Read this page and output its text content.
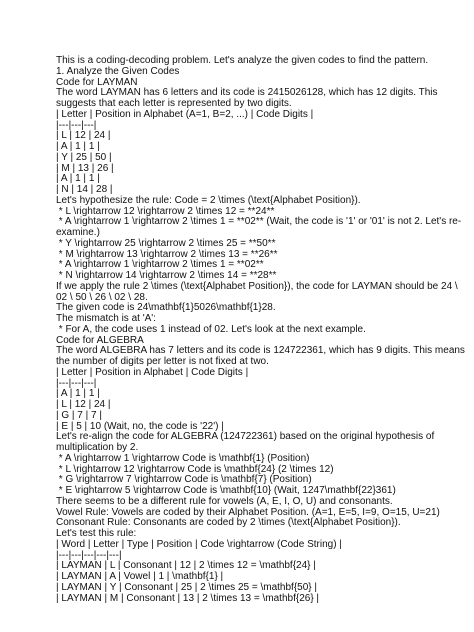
This is a coding-decoding problem. Let's analyze the given codes to find the pattern.

1. Analyze the Given Codes

Code for LAYMAN

The word LAYMAN has 6 letters and its code is 2415026128, which has 12 digits. This suggests that each letter is represented by two digits.

| Letter | Position in Alphabet (A=1, B=2, ...) | Code Digits |

|---|---|---|

| L | 12 | 24 |

| A | 1 | 1 |

| Y | 25 | 50 |

| M | 13 | 26 |

| A | 1 | 1 |

| N | 14 | 28 |

Let's hypothesize the rule: Code = 2 \times (\text{Alphabet Position}).

* L \rightarrow 12 \rightarrow 2 \times 12 = **24**

* A \rightarrow 1 \rightarrow 2 \times 1 = **02** (Wait, the code is '1' or '01' is not 2. Let's re-examine.)

* Y \rightarrow 25 \rightarrow 2 \times 25 = **50**

* M \rightarrow 13 \rightarrow 2 \times 13 = **26**

* A \rightarrow 1 \rightarrow 2 \times 1 = **02**

* N \rightarrow 14 \rightarrow 2 \times 14 = **28**

If we apply the rule 2 \times (\text{Alphabet Position}), the code for LAYMAN should be 24 \ 02 \ 50 \ 26 \ 02 \ 28.

The given code is 24\mathbf{1}5026\mathbf{1}28.

The mismatch is at 'A':

* For A, the code uses 1 instead of 02. Let's look at the next example.

Code for ALGEBRA

The word ALGEBRA has 7 letters and its code is 124722361, which has 9 digits. This means the number of digits per letter is not fixed at two.

| Letter | Position in Alphabet | Code Digits |

|---|---|---|

| A | 1 | 1 |

| L | 12 | 24 |

| G | 7 | 7 |

| E | 5 | 10 (Wait, no, the code is '22') |

Let's re-align the code for ALGEBRA (124722361) based on the original hypothesis of multiplication by 2.

* A \rightarrow 1 \rightarrow Code is \mathbf{1} (Position)

* L \rightarrow 12 \rightarrow Code is \mathbf{24} (2 \times 12)

* G \rightarrow 7 \rightarrow Code is \mathbf{7} (Position)

* E \rightarrow 5 \rightarrow Code is \mathbf{10} (Wait, 1247\mathbf{22}361)

There seems to be a different rule for vowels (A, E, I, O, U) and consonants.

Vowel Rule: Vowels are coded by their Alphabet Position. (A=1, E=5, I=9, O=15, U=21)

Consonant Rule: Consonants are coded by 2 \times (\text{Alphabet Position}).

Let's test this rule:

| Word | Letter | Type | Position | Code \rightarrow (Code String) |

|---|---|---|---|---|

| LAYMAN | L | Consonant | 12 | 2 \times 12 = \mathbf{24} |

| LAYMAN | A | Vowel | 1 | \mathbf{1} |

| LAYMAN | Y | Consonant | 25 | 2 \times 25 = \mathbf{50} |

| LAYMAN | M | Consonant | 13 | 2 \times 13 = \mathbf{26} |
